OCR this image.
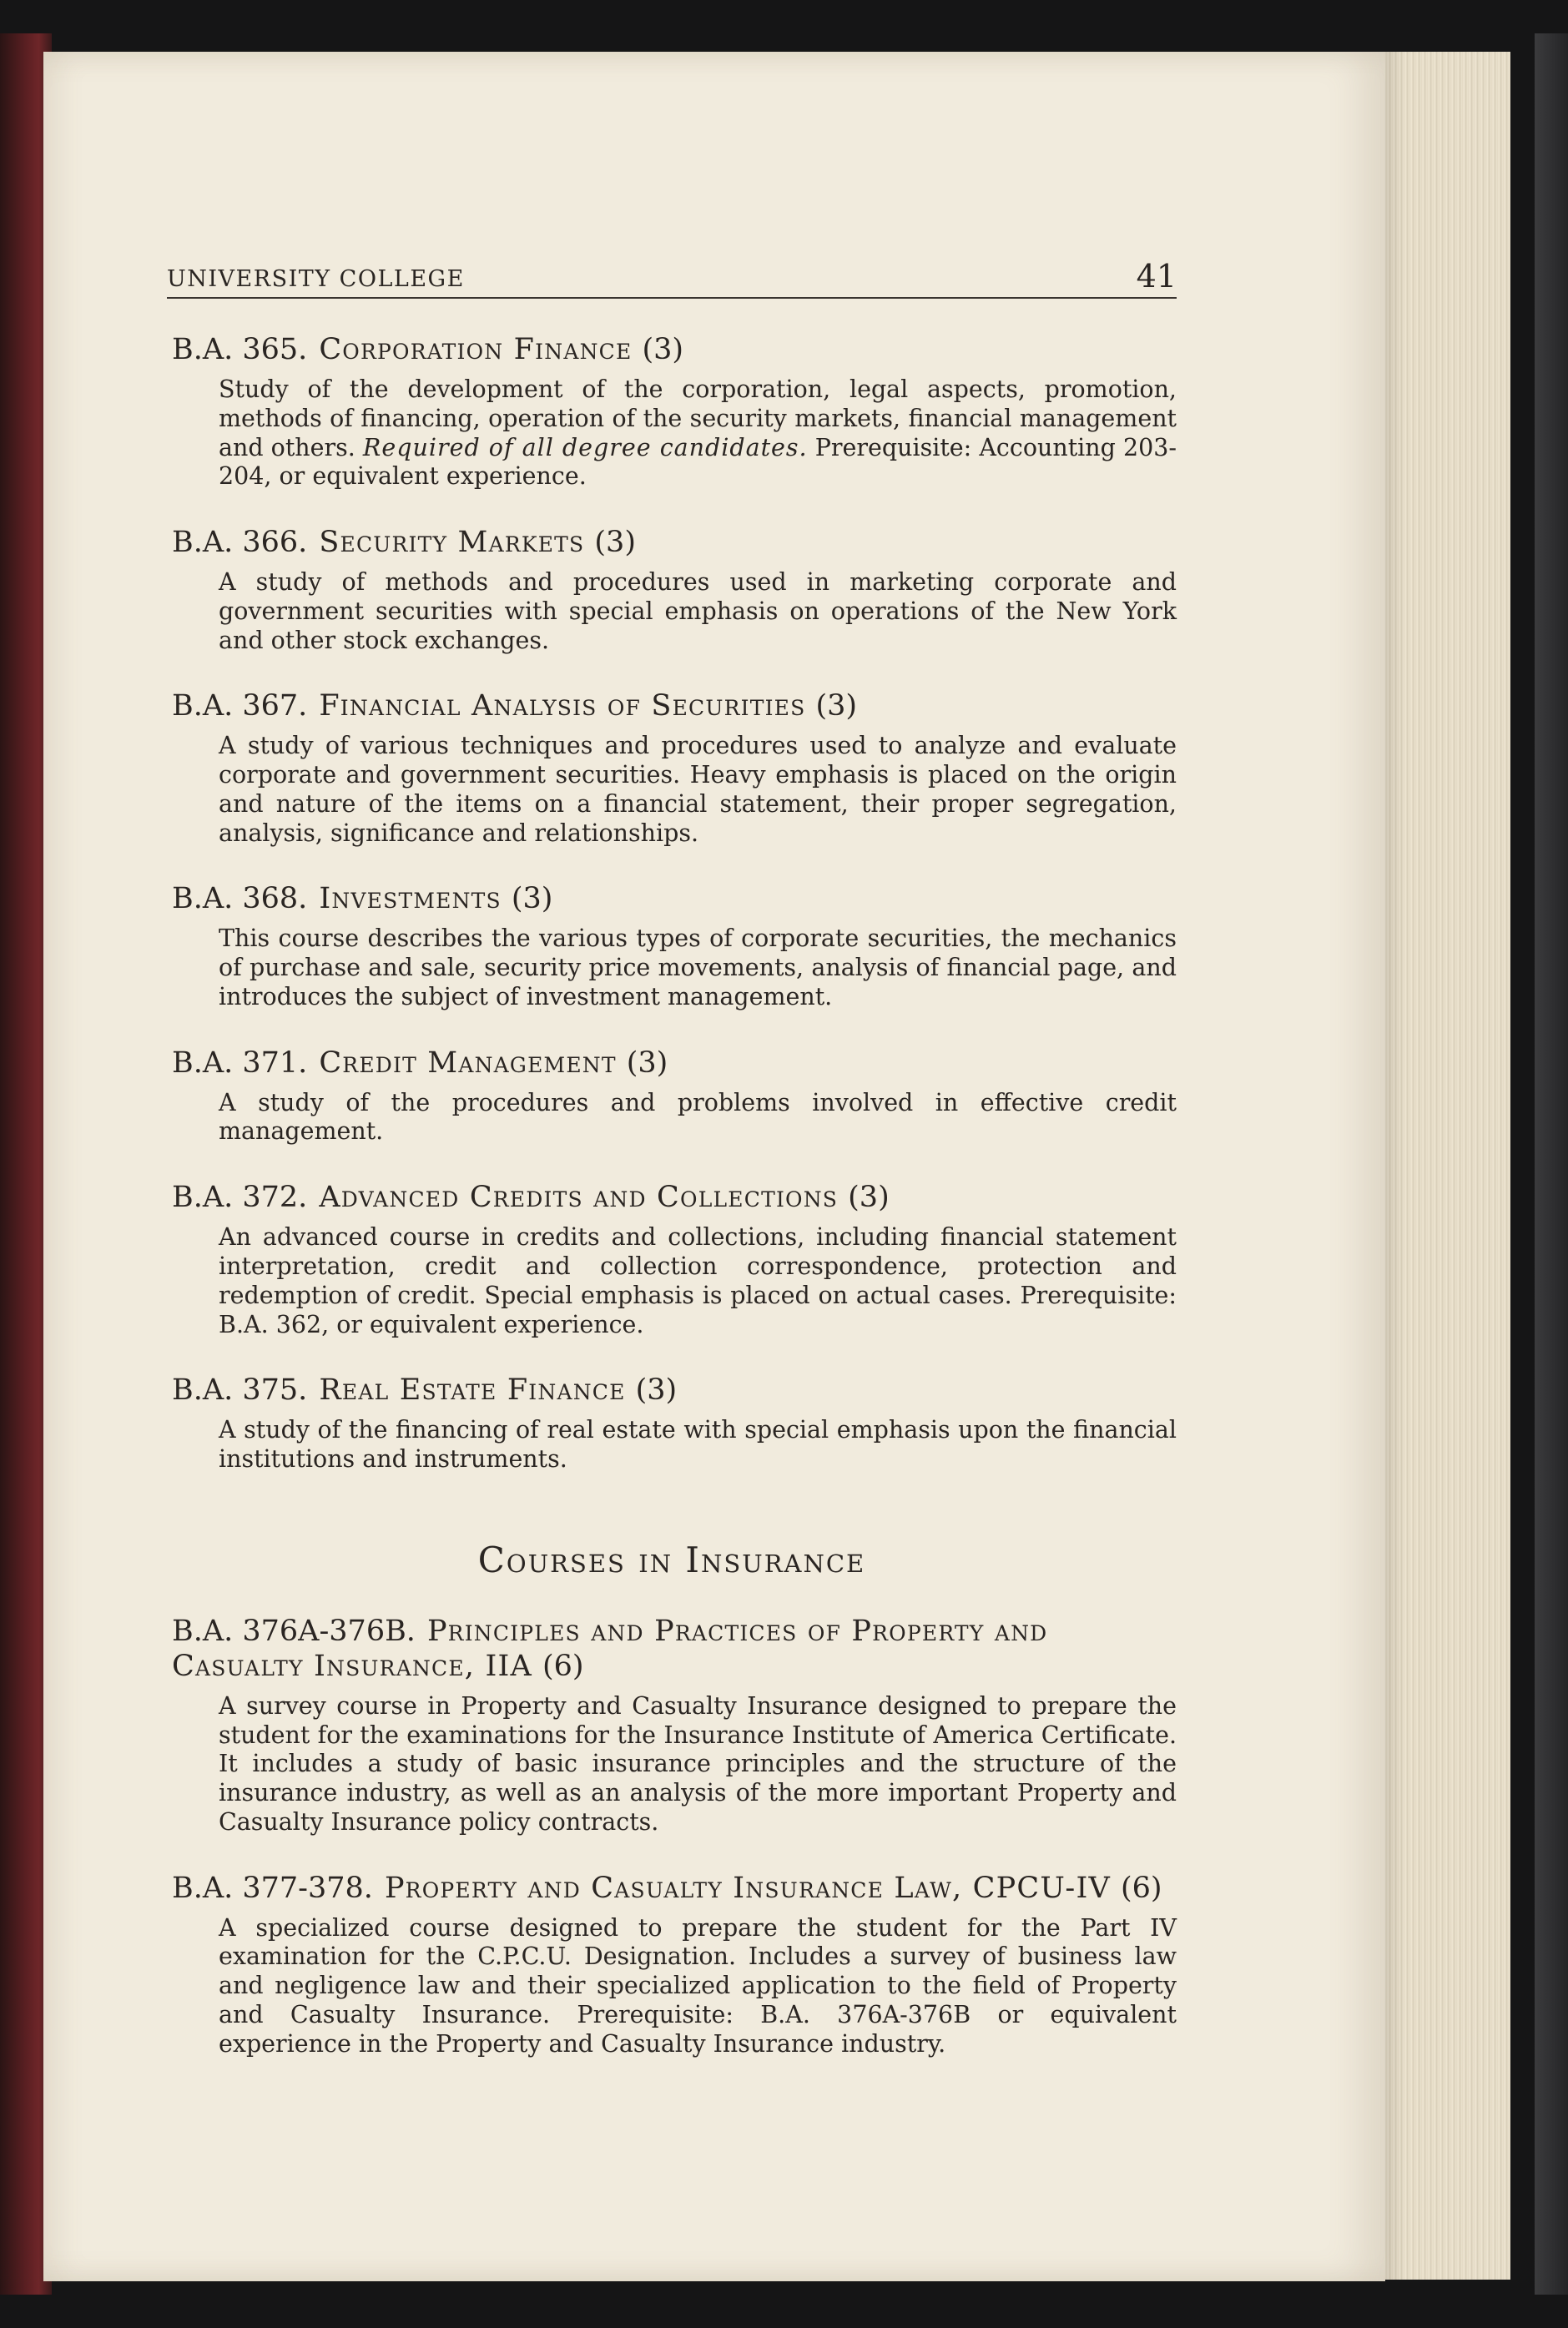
UNIVERSITY COLLEGE	41
B.A. 365. Corporation Finance (3)
Study of the development of the corporation, legal aspects, promotion, methods of financing, operation of the security markets, financial management and others. Required of all degree candidates. Prerequisite: Accounting 203-204, or equivalent experience.
B.A. 366. Security Markets (3)
A study of methods and procedures used in marketing corporate and government securities with special emphasis on operations of the New York and other stock exchanges.
B.A. 367. Financial Analysis of Securities (3)
A study of various techniques and procedures used to analyze and evaluate corporate and government securities. Heavy emphasis is placed on the origin and nature of the items on a financial statement, their proper segregation, analysis, significance and relationships.
B.A. 368. Investments (3)
This course describes the various types of corporate securities, the mechanics of purchase and sale, security price movements, analysis of financial page, and introduces the subject of investment management.
B.A. 371. Credit Management (3)
A study of the procedures and problems involved in effective credit management.
B.A. 372. Advanced Credits and Collections (3)
An advanced course in credits and collections, including financial statement interpretation, credit and collection correspondence, protection and redemption of credit. Special emphasis is placed on actual cases. Prerequisite: B.A. 362, or equivalent experience.
B.A. 375. Real Estate Finance (3)
A study of the financing of real estate with special emphasis upon the financial institutions and instruments.
Courses in Insurance
B.A. 376A-376B. Principles and Practices of Property and Casualty Insurance, IIA (6)
A survey course in Property and Casualty Insurance designed to prepare the student for the examinations for the Insurance Institute of America Certificate. It includes a study of basic insurance principles and the structure of the insurance industry, as well as an analysis of the more important Property and Casualty Insurance policy contracts.
B.A. 377-378. Property and Casualty Insurance Law, CPCU-IV (6)
A specialized course designed to prepare the student for the Part IV examination for the C.P.C.U. Designation. Includes a survey of business law and negligence law and their specialized application to the field of Property and Casualty Insurance. Prerequisite: B.A. 376A-376B or equivalent experience in the Property and Casualty Insurance industry.
